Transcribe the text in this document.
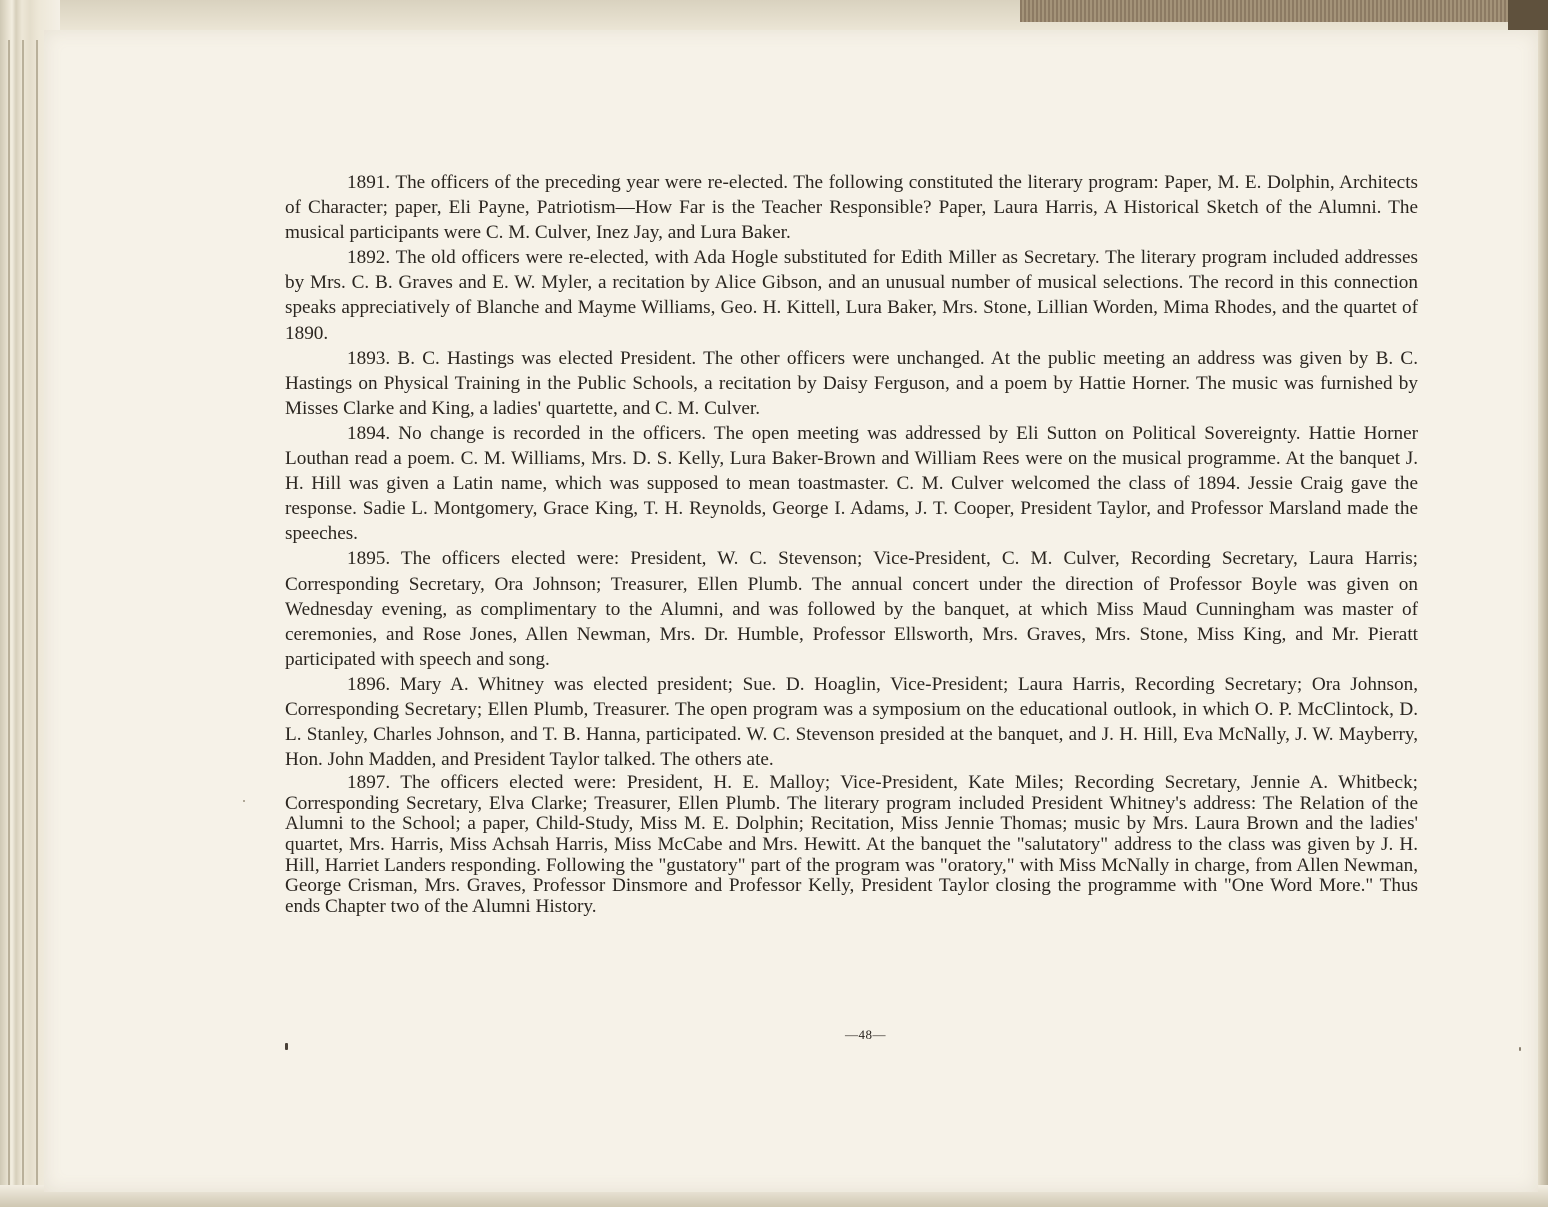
1891. The officers of the preceding year were re-elected. The following constituted the literary program: Paper, M. E. Dolphin, Architects of Character; paper, Eli Payne, Patriotism—How Far is the Teacher Responsible? Paper, Laura Harris, A Historical Sketch of the Alumni. The musical participants were C. M. Culver, Inez Jay, and Lura Baker.

1892. The old officers were re-elected, with Ada Hogle substituted for Edith Miller as Secretary. The literary program included addresses by Mrs. C. B. Graves and E. W. Myler, a recitation by Alice Gibson, and an unusual number of musical selections. The record in this connection speaks appreciatively of Blanche and Mayme Williams, Geo. H. Kittell, Lura Baker, Mrs. Stone, Lillian Worden, Mima Rhodes, and the quartet of 1890.

1893. B. C. Hastings was elected President. The other officers were unchanged. At the public meeting an address was given by B. C. Hastings on Physical Training in the Public Schools, a recitation by Daisy Ferguson, and a poem by Hattie Horner. The music was furnished by Misses Clarke and King, a ladies' quartette, and C. M. Culver.

1894. No change is recorded in the officers. The open meeting was addressed by Eli Sutton on Political Sovereignty. Hattie Horner Louthan read a poem. C. M. Williams, Mrs. D. S. Kelly, Lura Baker-Brown and William Rees were on the musical programme. At the banquet J. H. Hill was given a Latin name, which was supposed to mean toastmaster. C. M. Culver welcomed the class of 1894. Jessie Craig gave the response. Sadie L. Montgomery, Grace King, T. H. Reynolds, George I. Adams, J. T. Cooper, President Taylor, and Professor Marsland made the speeches.

1895. The officers elected were: President, W. C. Stevenson; Vice-President, C. M. Culver, Recording Secretary, Laura Harris; Corresponding Secretary, Ora Johnson; Treasurer, Ellen Plumb. The annual concert under the direction of Professor Boyle was given on Wednesday evening, as complimentary to the Alumni, and was followed by the banquet, at which Miss Maud Cunningham was master of ceremonies, and Rose Jones, Allen Newman, Mrs. Dr. Humble, Professor Ellsworth, Mrs. Graves, Mrs. Stone, Miss King, and Mr. Pieratt participated with speech and song.

1896. Mary A. Whitney was elected president; Sue. D. Hoaglin, Vice-President; Laura Harris, Recording Secretary; Ora Johnson, Corresponding Secretary; Ellen Plumb, Treasurer. The open program was a symposium on the educational outlook, in which O. P. McClintock, D. L. Stanley, Charles Johnson, and T. B. Hanna, participated. W. C. Stevenson presided at the banquet, and J. H. Hill, Eva McNally, J. W. Mayberry, Hon. John Madden, and President Taylor talked. The others ate.

1897. The officers elected were: President, H. E. Malloy; Vice-President, Kate Miles; Recording Secretary, Jennie A. Whitbeck; Corresponding Secretary, Elva Clarke; Treasurer, Ellen Plumb. The literary program included President Whitney's address: The Relation of the Alumni to the School; a paper, Child-Study, Miss M. E. Dolphin; Recitation, Miss Jennie Thomas; music by Mrs. Laura Brown and the ladies' quartet, Mrs. Harris, Miss Achsah Harris, Miss McCabe and Mrs. Hewitt. At the banquet the "salutatory" address to the class was given by J. H. Hill, Harriet Landers responding. Following the "gustatory" part of the program was "oratory," with Miss McNally in charge, from Allen Newman, George Crisman, Mrs. Graves, Professor Dinsmore and Professor Kelly, President Taylor closing the programme with "One Word More." Thus ends Chapter two of the Alumni History.

—48—
